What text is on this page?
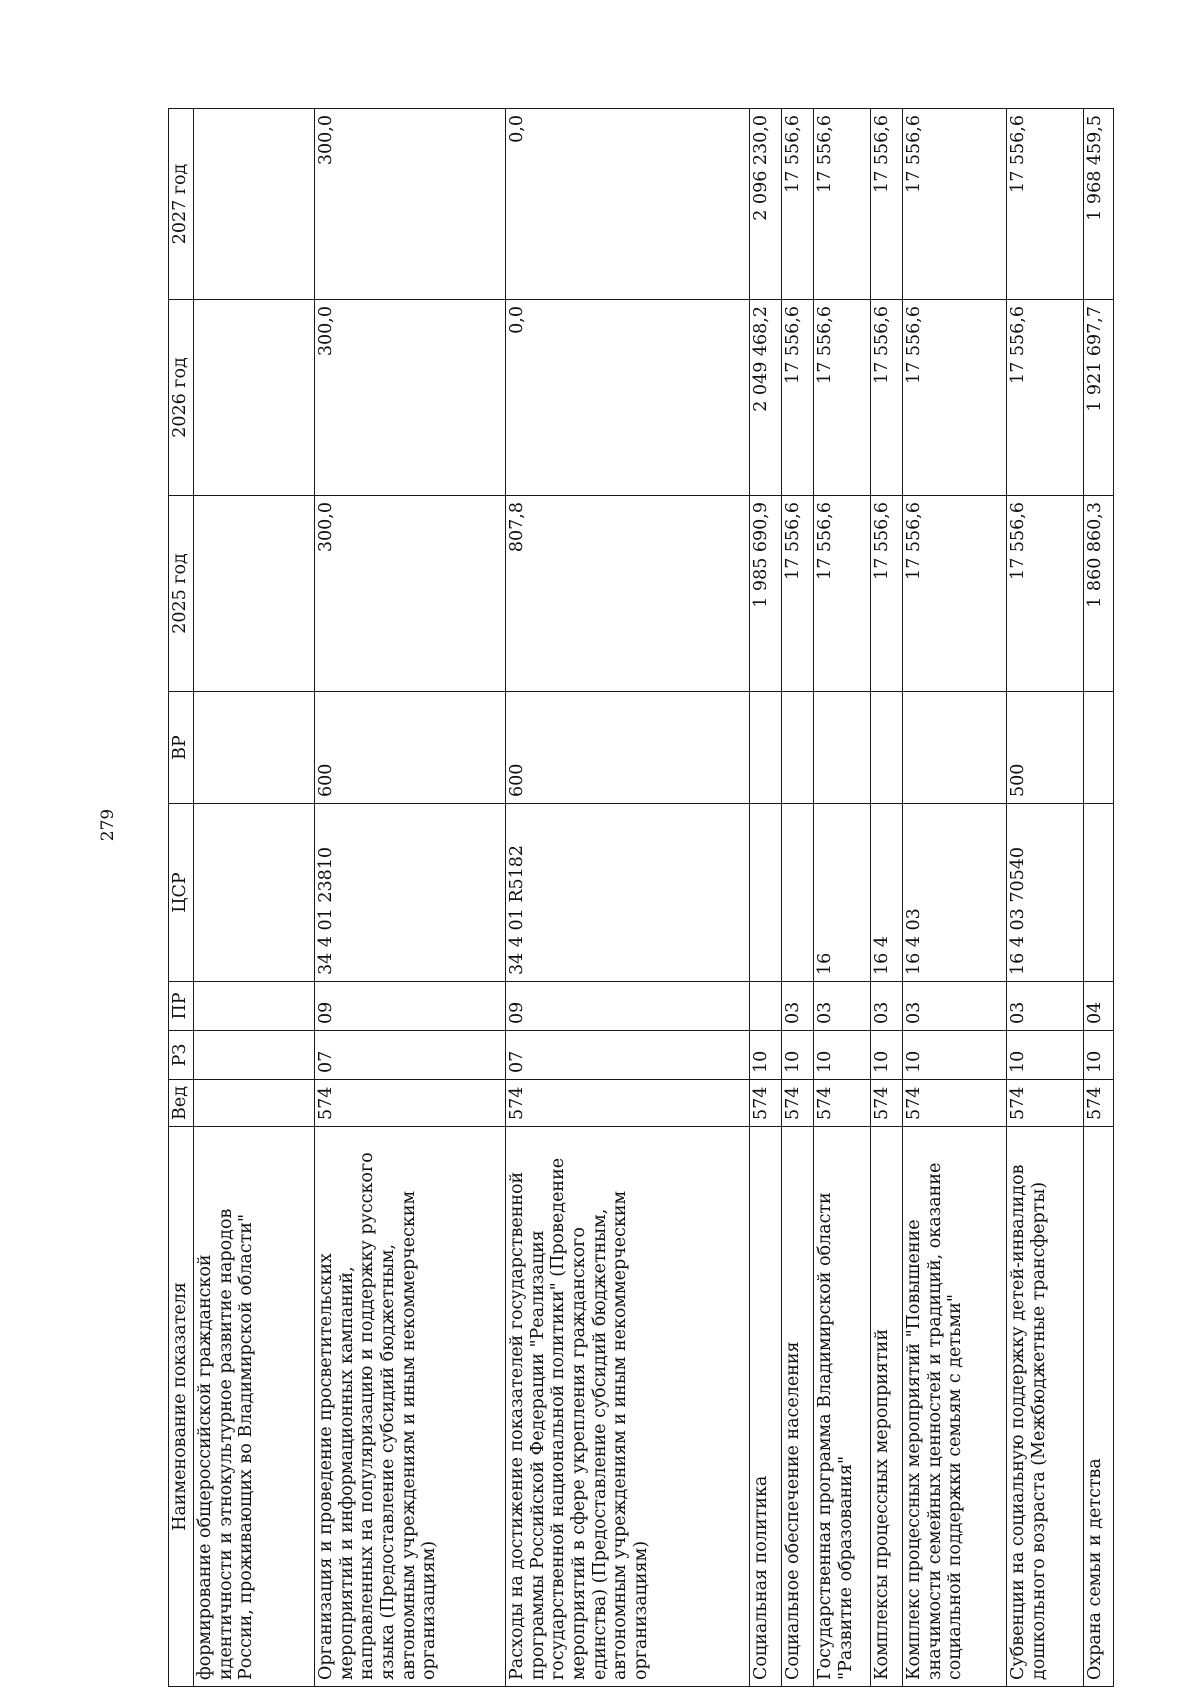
279
Наименование показателя	Вед	РЗ	ПР	ЦСР	ВР	2025 год	2026 год	2027 год
формирование общероссийской гражданской идентичности и этнокультурное развитие народов России, проживающих во Владимирской области"								
Организация и проведение просветительских мероприятий и информационных кампаний, направленных на популяризацию и поддержку русского языка (Предоставление субсидий бюджетным, автономным учреждениям и иным некоммерческим организациям)	574	07	09	34 4 01 23810	600	300,0	300,0	300,0
Расходы на достижение показателей государственной программы Российской Федерации "Реализация государственной национальной политики" (Проведение мероприятий в сфере укрепления гражданского единства) (Предоставление субсидий бюджетным, автономным учреждениям и иным некоммерческим организациям)	574	07	09	34 4 01 R5182	600	807,8	0,0	0,0
Социальная политика	574	10				1 985 690,9	2 049 468,2	2 096 230,0
Социальное обеспечение населения	574	10	03			17 556,6	17 556,6	17 556,6
Государственная программа Владимирской области "Развитие образования"	574	10	03	16		17 556,6	17 556,6	17 556,6
Комплексы процессных мероприятий	574	10	03	16 4		17 556,6	17 556,6	17 556,6
Комплекс процессных мероприятий "Повышение значимости семейных ценностей и традиций, оказание социальной поддержки семьям с детьми"	574	10	03	16 4 03		17 556,6	17 556,6	17 556,6
Субвенции на социальную поддержку детей-инвалидов дошкольного возраста (Межбюджетные трансферты)	574	10	03	16 4 03 70540	500	17 556,6	17 556,6	17 556,6
Охрана семьи и детства	574	10	04			1 860 860,3	1 921 697,7	1 968 459,5
